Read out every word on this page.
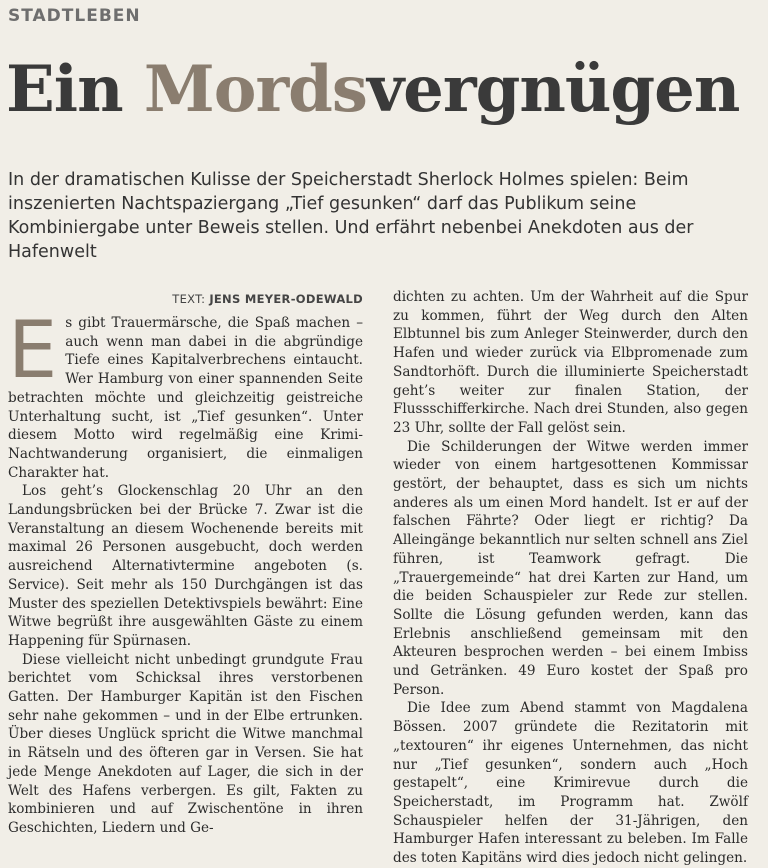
STADTLEBEN
Ein Mordsvergnügen
In der dramatischen Kulisse der Speicherstadt Sherlock Holmes spielen: Beim inszenierten Nachtspaziergang „Tief gesunken“ darf das Publikum seine Kombiniergabe unter Beweis stellen. Und erfährt nebenbei Anekdoten aus der Hafenwelt
TEXT: JENS MEYER-ODEWALD

Es gibt Trauermärsche, die Spaß machen – auch wenn man dabei in die abgründige Tiefe eines Kapitalverbrechens eintaucht. Wer Hamburg von einer spannenden Seite betrachten möchte und gleichzeitig geistreiche Unterhaltung sucht, ist „Tief gesunken“. Unter diesem Motto wird regelmäßig eine Krimi-Nachtwanderung organisiert, die einmaligen Charakter hat.

Los geht’s Glockenschlag 20 Uhr an den Landungsbrücken bei der Brücke 7. Zwar ist die Veranstaltung an diesem Wochenende bereits mit maximal 26 Personen ausgebucht, doch werden ausreichend Alternativtermine angeboten (s. Service). Seit mehr als 150 Durchgängen ist das Muster des speziellen Detektivspiels bewährt: Eine Witwe begrüßt ihre ausgewählten Gäste zu einem Happening für Spürnasen.

Diese vielleicht nicht unbedingt grundgute Frau berichtet vom Schicksal ihres verstorbenen Gatten. Der Hamburger Kapitän ist den Fischen sehr nahe gekommen – und in der Elbe ertrunken. Über dieses Unglück spricht die Witwe manchmal in Rätseln und des öfteren gar in Versen. Sie hat jede Menge Anekdoten auf Lager, die sich in der Welt des Hafens verbergen. Es gilt, Fakten zu kombinieren und auf Zwischentöne in ihren Geschichten, Liedern und Ge-

dichten zu achten. Um der Wahrheit auf die Spur zu kommen, führt der Weg durch den Alten Elbtunnel bis zum Anleger Steinwerder, durch den Hafen und wieder zurück via Elbpromenade zum Sandtorhöft. Durch die illuminierte Speicherstadt geht’s weiter zur finalen Station, der Flussschifferkirche. Nach drei Stunden, also gegen 23 Uhr, sollte der Fall gelöst sein.

Die Schilderungen der Witwe werden immer wieder von einem hartgesottenen Kommissar gestört, der behauptet, dass es sich um nichts anderes als um einen Mord handelt. Ist er auf der falschen Fährte? Oder liegt er richtig? Da Alleingänge bekanntlich nur selten schnell ans Ziel führen, ist Teamwork gefragt. Die „Trauergemeinde“ hat drei Karten zur Hand, um die beiden Schauspieler zur Rede zur stellen. Sollte die Lösung gefunden werden, kann das Erlebnis anschließend gemeinsam mit den Akteuren besprochen werden – bei einem Imbiss und Getränken. 49 Euro kostet der Spaß pro Person.

Die Idee zum Abend stammt von Magdalena Bössen. 2007 gründete die Rezitatorin mit „textouren“ ihr eigenes Unternehmen, das nicht nur „Tief gesunken“, sondern auch „Hoch gestapelt“, eine Krimirevue durch die Speicherstadt, im Programm hat. Zwölf Schauspieler helfen der 31-Jährigen, den Hamburger Hafen interessant zu beleben. Im Falle des toten Kapitäns wird dies jedoch nicht gelingen.
